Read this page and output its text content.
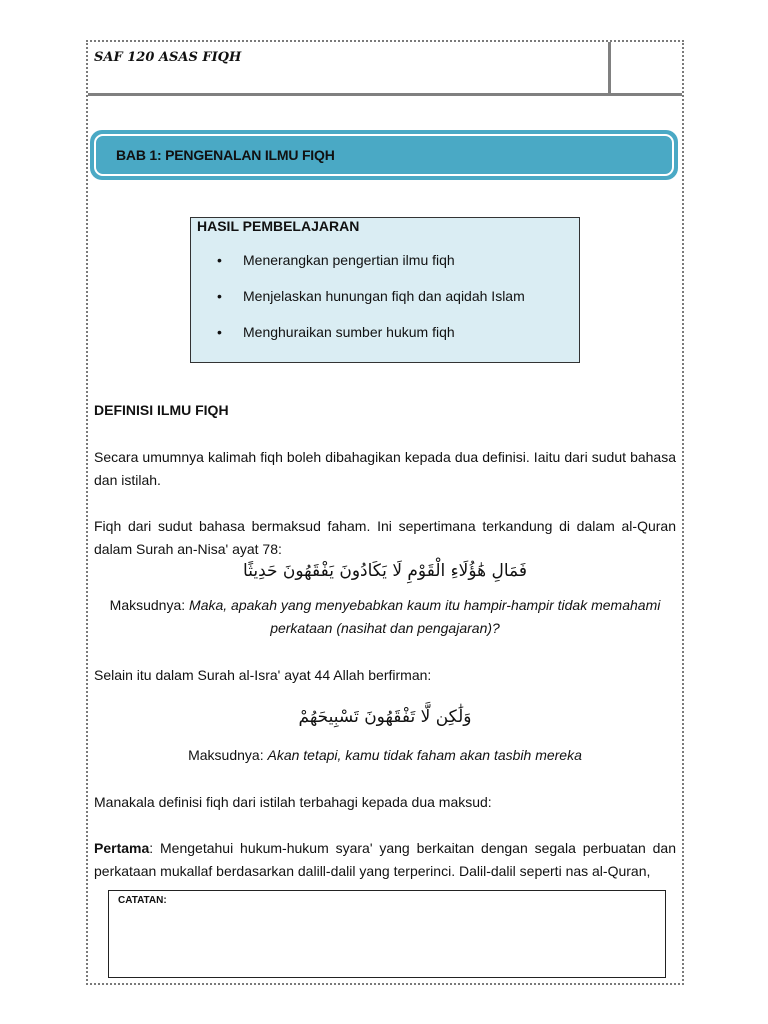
SAF 120 ASAS FIQH
BAB 1: PENGENALAN ILMU FIQH
HASIL PEMBELAJARAN
•	Menerangkan pengertian ilmu fiqh
•	Menjelaskan hunungan fiqh dan aqidah Islam
•	Menghuraikan sumber hukum fiqh
DEFINISI ILMU FIQH

Secara umumnya kalimah fiqh boleh dibahagikan kepada dua definisi. Iaitu dari sudut bahasa dan istilah.

Fiqh dari sudut bahasa bermaksud faham. Ini sepertimana terkandung di dalam al-Quran dalam Surah an-Nisa' ayat 78:

فَمَالِ هَٰؤُلَاءِ الْقَوْمِ لَا يَكَادُونَ يَفْقَهُونَ حَدِيثًا

Maksudnya: Maka, apakah yang menyebabkan kaum itu hampir-hampir tidak memahami perkataan (nasihat dan pengajaran)?

Selain itu dalam Surah al-Isra' ayat 44 Allah berfirman:

وَلَٰكِن لَّا تَفْقَهُونَ تَسْبِيحَهُمْ

Maksudnya: Akan tetapi, kamu tidak faham akan tasbih mereka

Manakala definisi fiqh dari istilah terbahagi kepada dua maksud:

Pertama: Mengetahui hukum-hukum syara' yang berkaitan dengan segala perbuatan dan perkataan mukallaf berdasarkan dalill-dalil yang terperinci. Dalil-dalil seperti nas al-Quran,

CATATAN:
